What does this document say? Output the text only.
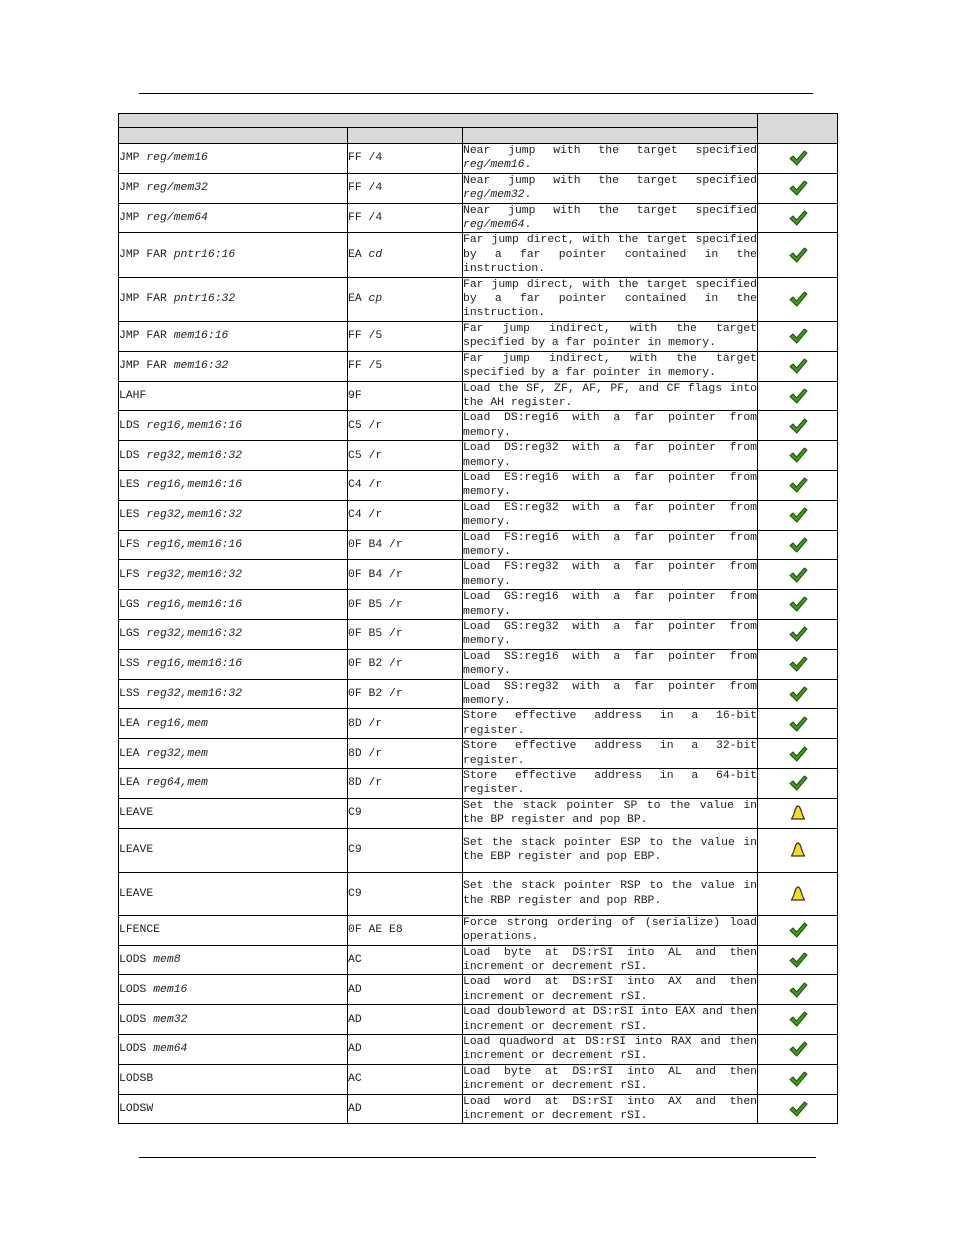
JMP reg/mem16	FF /4	Near jump with the target specified reg/mem16.	
JMP reg/mem32	FF /4	Near jump with the target specified reg/mem32.	
JMP reg/mem64	FF /4	Near jump with the target specified reg/mem64.	
JMP FAR pntr16:16	EA cd	Far jump direct, with the target specified by a far pointer contained in the instruction.	
JMP FAR pntr16:32	EA cp	Far jump direct, with the target specified by a far pointer contained in the instruction.	
JMP FAR mem16:16	FF /5	Far jump indirect, with the target specified by a far pointer in memory.	
JMP FAR mem16:32	FF /5	Far jump indirect, with the target specified by a far pointer in memory.	
LAHF	9F	Load the SF, ZF, AF, PF, and CF flags into the AH register.	
LDS reg16,mem16:16	C5 /r	Load DS:reg16 with a far pointer from memory.	
LDS reg32,mem16:32	C5 /r	Load DS:reg32 with a far pointer from memory.	
LES reg16,mem16:16	C4 /r	Load ES:reg16 with a far pointer from memory.	
LES reg32,mem16:32	C4 /r	Load ES:reg32 with a far pointer from memory.	
LFS reg16,mem16:16	0F B4 /r	Load FS:reg16 with a far pointer from memory.	
LFS reg32,mem16:32	0F B4 /r	Load FS:reg32 with a far pointer from memory.	
LGS reg16,mem16:16	0F B5 /r	Load GS:reg16 with a far pointer from memory.	
LGS reg32,mem16:32	0F B5 /r	Load GS:reg32 with a far pointer from memory.	
LSS reg16,mem16:16	0F B2 /r	Load SS:reg16 with a far pointer from memory.	
LSS reg32,mem16:32	0F B2 /r	Load SS:reg32 with a far pointer from memory.	
LEA reg16,mem	8D /r	Store effective address in a 16-bit register.	
LEA reg32,mem	8D /r	Store effective address in a 32-bit register.	
LEA reg64,mem	8D /r	Store effective address in a 64-bit register.	
LEAVE	C9	Set the stack pointer SP to the value in the BP register and pop BP.	
LEAVE	C9	Set the stack pointer ESP to the value in the EBP register and pop EBP.	
LEAVE	C9	Set the stack pointer RSP to the value in the RBP register and pop RBP.	
LFENCE	0F AE E8	Force strong ordering of (serialize) load operations.	
LODS mem8	AC	Load byte at DS:rSI into AL and then increment or decrement rSI.	
LODS mem16	AD	Load word at DS:rSI into AX and then increment or decrement rSI.	
LODS mem32	AD	Load doubleword at DS:rSI into EAX and then increment or decrement rSI.	
LODS mem64	AD	Load quadword at DS:rSI into RAX and then increment or decrement rSI.	
LODSB	AC	Load byte at DS:rSI into AL and then increment or decrement rSI.	
LODSW	AD	Load word at DS:rSI into AX and then increment or decrement rSI.	
